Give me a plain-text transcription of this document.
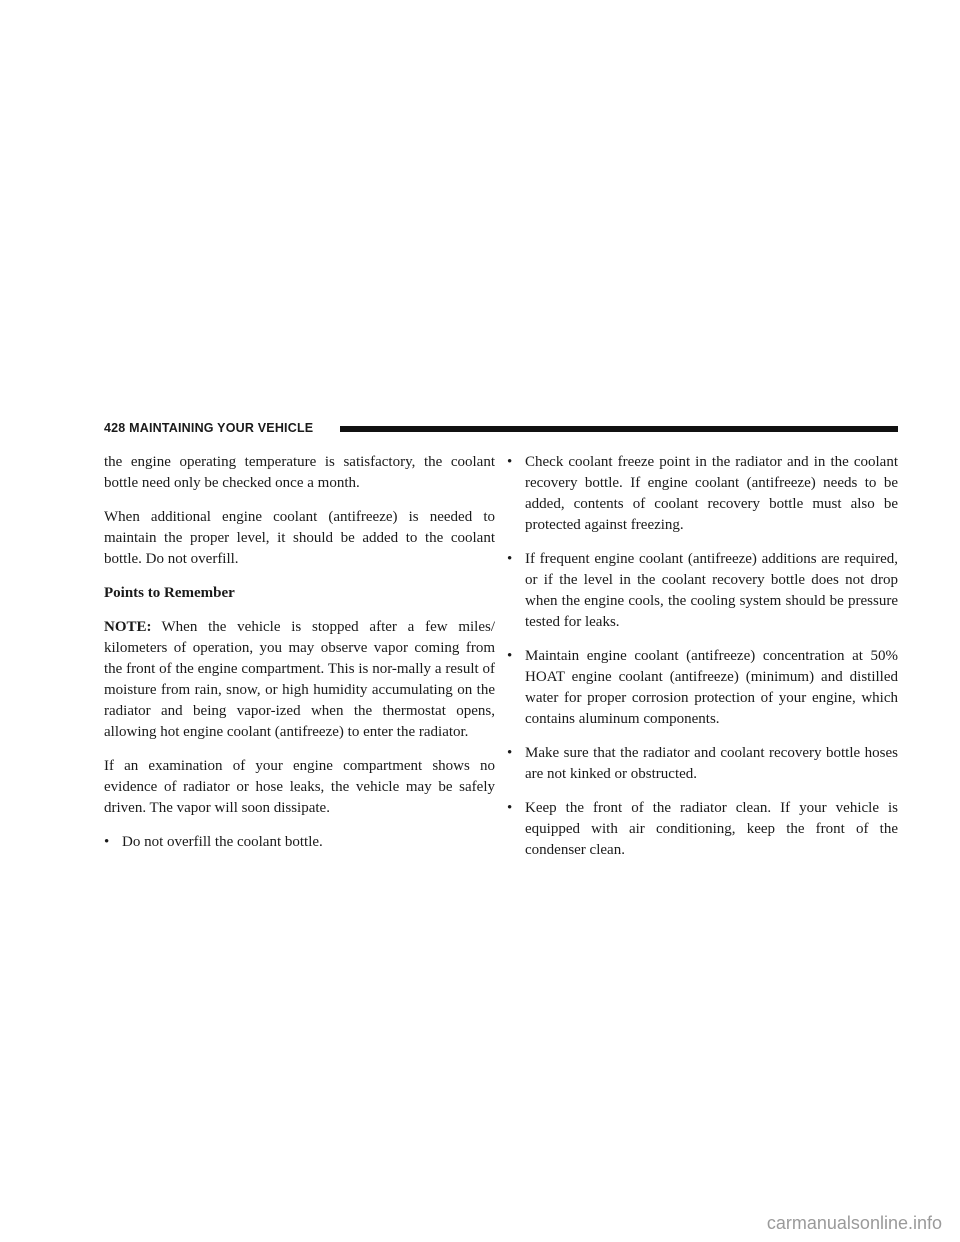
428 MAINTAINING YOUR VEHICLE

the engine operating temperature is satisfactory, the coolant bottle need only be checked once a month.

When additional engine coolant (antifreeze) is needed to maintain the proper level, it should be added to the coolant bottle. Do not overfill.

Points to Remember

NOTE: When the vehicle is stopped after a few miles/ kilometers of operation, you may observe vapor coming from the front of the engine compartment. This is nor-mally a result of moisture from rain, snow, or high humidity accumulating on the radiator and being vapor-ized when the thermostat opens, allowing hot engine coolant (antifreeze) to enter the radiator.

If an examination of your engine compartment shows no evidence of radiator or hose leaks, the vehicle may be safely driven. The vapor will soon dissipate.

• Do not overfill the coolant bottle.
• Check coolant freeze point in the radiator and in the coolant recovery bottle. If engine coolant (antifreeze) needs to be added, contents of coolant recovery bottle must also be protected against freezing.
• If frequent engine coolant (antifreeze) additions are required, or if the level in the coolant recovery bottle does not drop when the engine cools, the cooling system should be pressure tested for leaks.
• Maintain engine coolant (antifreeze) concentration at 50% HOAT engine coolant (antifreeze) (minimum) and distilled water for proper corrosion protection of your engine, which contains aluminum components.
• Make sure that the radiator and coolant recovery bottle hoses are not kinked or obstructed.
• Keep the front of the radiator clean. If your vehicle is equipped with air conditioning, keep the front of the condenser clean.
carmanualsonline.info
